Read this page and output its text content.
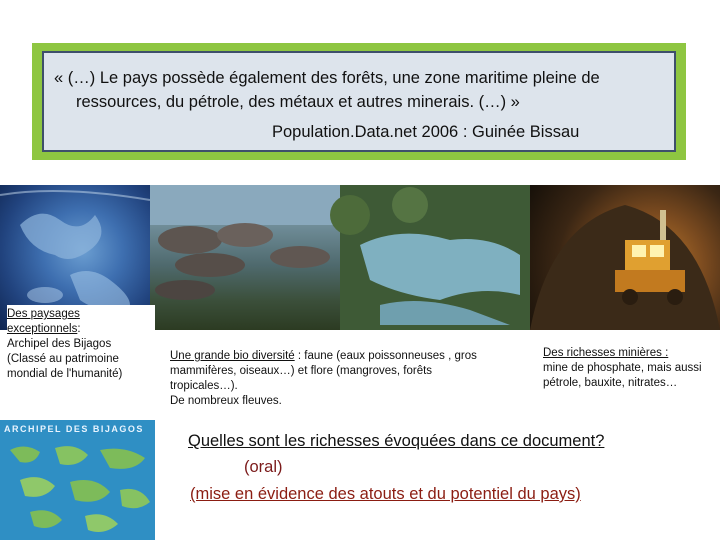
« (…) Le pays possède également des forêts, une zone maritime pleine de
ressources, du pétrole, des métaux et autres minerais. (…) »
Population.Data.net 2006 : Guinée Bissau
Des paysages exceptionnels:
Archipel des Bijagos
(Classé au patrimoine mondial de l'humanité)
ARCHIPEL DES BIJAGOS
Une grande bio diversité : faune (eaux poissonneuses , gros mammifères, oiseaux…) et flore (mangroves, forêts tropicales…).
De nombreux fleuves.
Des richesses minières :
mine de phosphate, mais aussi pétrole, bauxite, nitrates…
Quelles sont les richesses évoquées dans ce document?
(oral)
(mise en évidence des atouts et du potentiel du pays)
